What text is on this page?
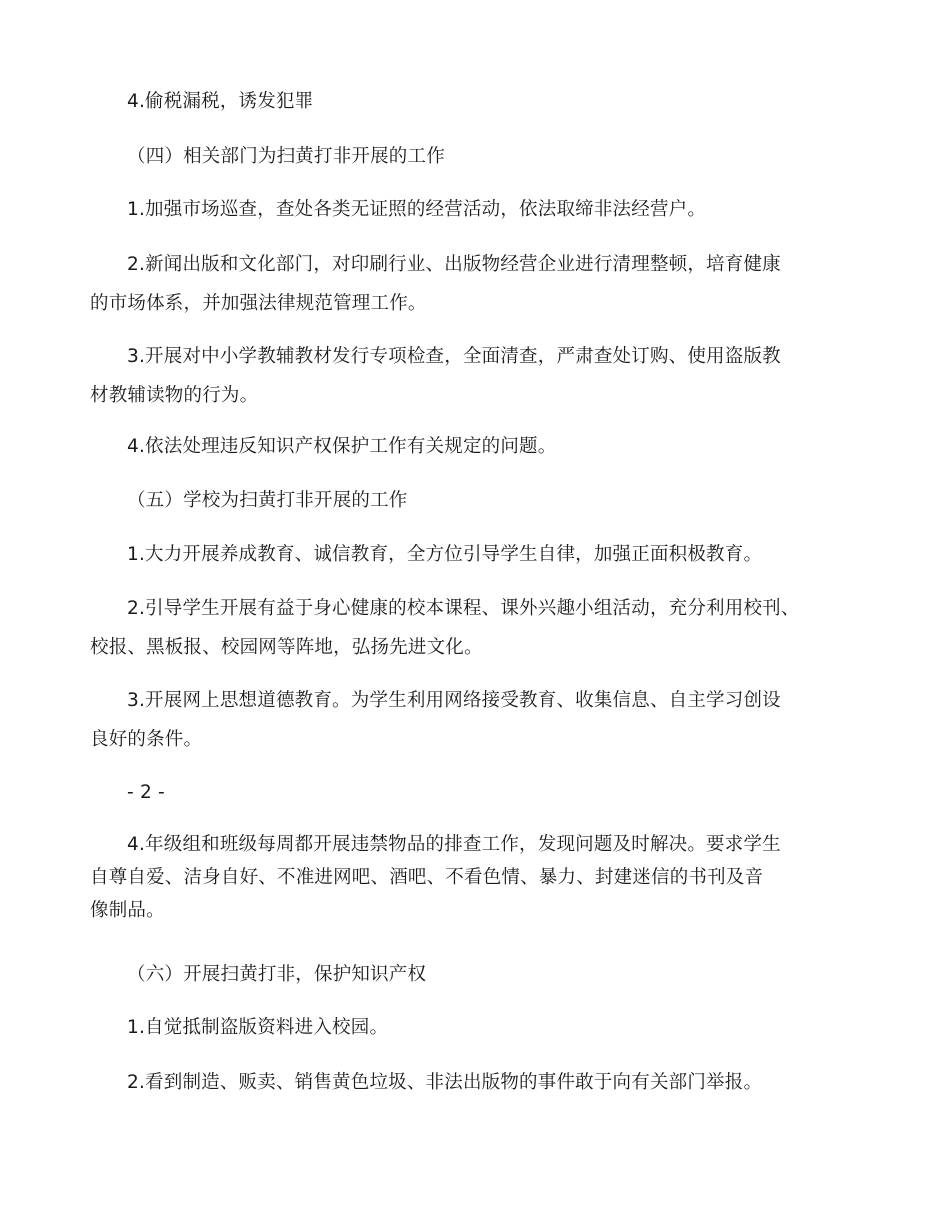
4.偷税漏税，诱发犯罪

（四）相关部门为扫黄打非开展的工作

1.加强市场巡查，查处各类无证照的经营活动，依法取缔非法经营户。

2.新闻出版和文化部门，对印刷行业、出版物经营企业进行清理整顿，培育健康
的市场体系，并加强法律规范管理工作。

3.开展对中小学教辅教材发行专项检查，全面清查，严肃查处订购、使用盗版教
材教辅读物的行为。

4.依法处理违反知识产权保护工作有关规定的问题。

（五）学校为扫黄打非开展的工作

1.大力开展养成教育、诚信教育，全方位引导学生自律，加强正面积极教育。

2.引导学生开展有益于身心健康的校本课程、课外兴趣小组活动，充分利用校刊、
校报、黑板报、校园网等阵地，弘扬先进文化。

3.开展网上思想道德教育。为学生利用网络接受教育、收集信息、自主学习创设
良好的条件。

- 2 -

4.年级组和班级每周都开展违禁物品的排查工作，发现问题及时解决。要求学生
自尊自爱、洁身自好、不准进网吧、酒吧、不看色情、暴力、封建迷信的书刊及音
像制品。

（六）开展扫黄打非，保护知识产权

1.自觉抵制盗版资料进入校园。

2.看到制造、贩卖、销售黄色垃圾、非法出版物的事件敢于向有关部门举报。
